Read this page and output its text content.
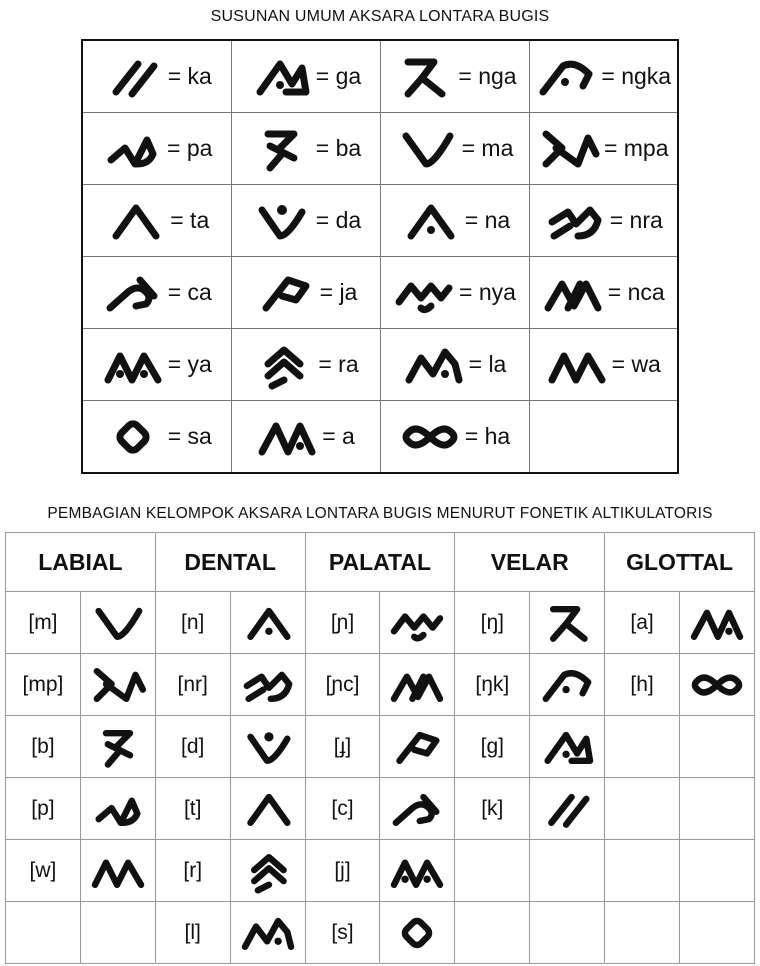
SUSUNAN UMUM AKSARA LONTARA BUGIS
= ka	= ga	= nga	= ngka

= pa	= ba	= ma	= mpa

= ta	= da	= na	= nra

= ca	= ja	= nya	= nca

= ya	= ra	= la	= wa

= sa	= a	= ha	

PEMBAGIAN KELOMPOK AKSARA LONTARA BUGIS MENURUT FONETIK ALTIKULATORIS
LABIAL		DENTAL		PALATAL		VELAR		GLOTTAL	
[m]		[n]		[ɲ]		[ŋ]		[a]	

[mp]		[nr]		[ɲc]		[ŋk]		[h]	

[b]		[d]		[ɟ]		[g]	

[p]		[t]		[c]		[k]	

[w]		[r]		[j]	

		[l]		[s]	
